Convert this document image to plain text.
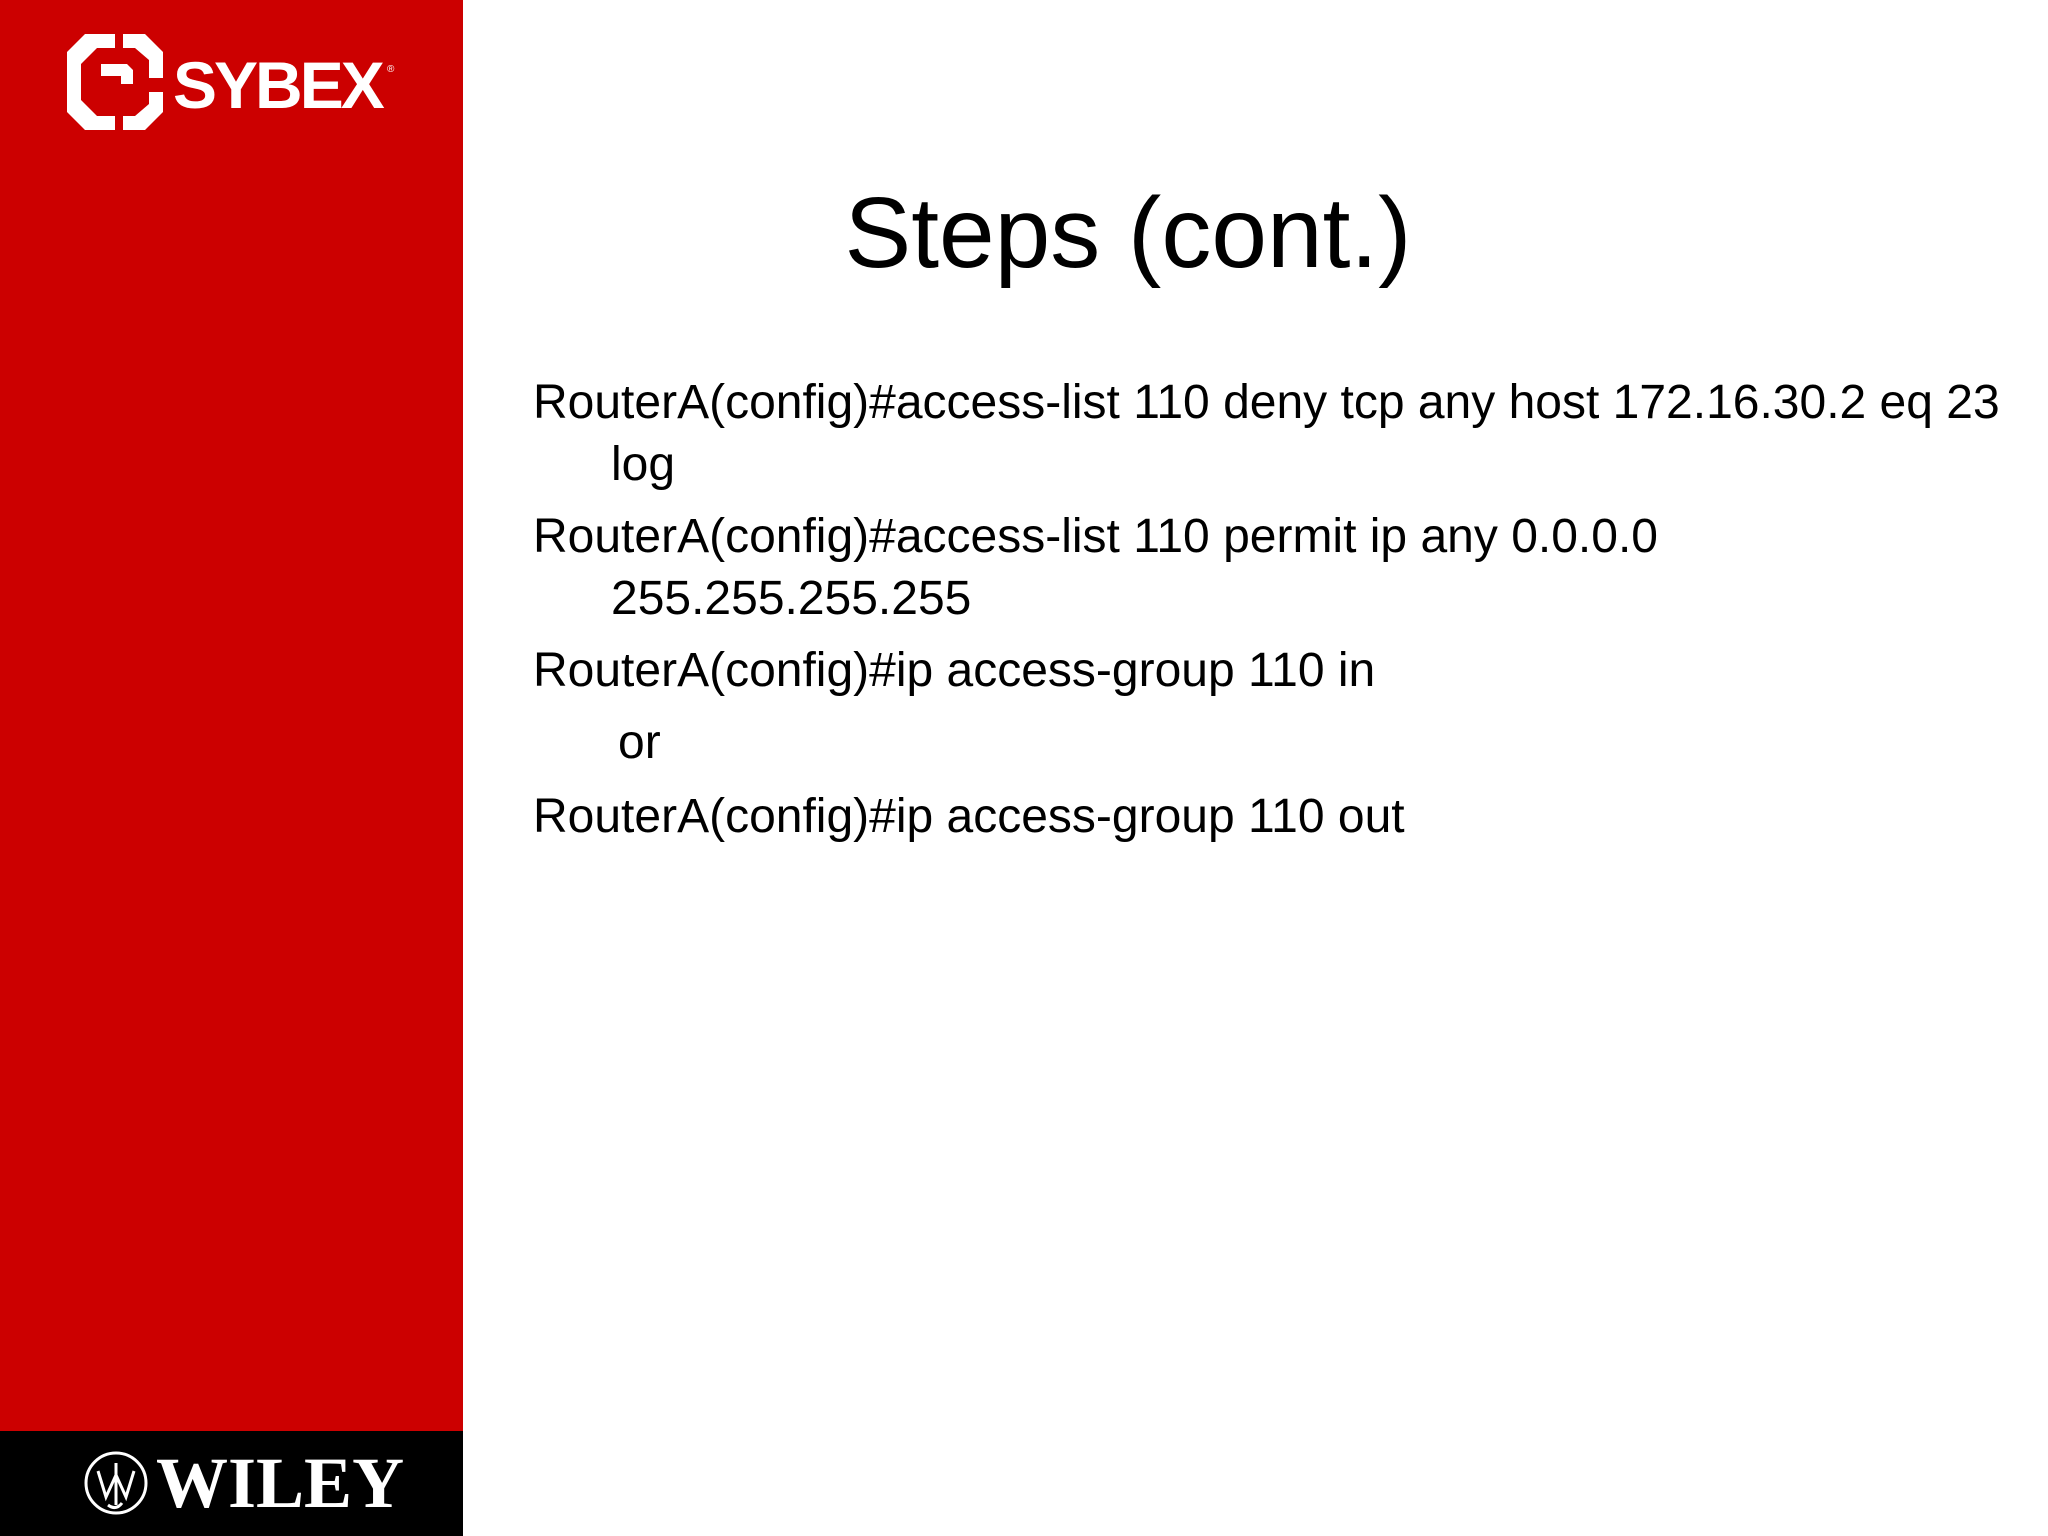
SYBEX ®
WILEY
Steps (cont.)
RouterA(config)#access-list 110 deny tcp any host 172.16.30.2 eq 23 log
RouterA(config)#access-list 110 permit ip any 0.0.0.0 255.255.255.255
RouterA(config)#ip access-group 110 in
or
RouterA(config)#ip access-group 110 out
